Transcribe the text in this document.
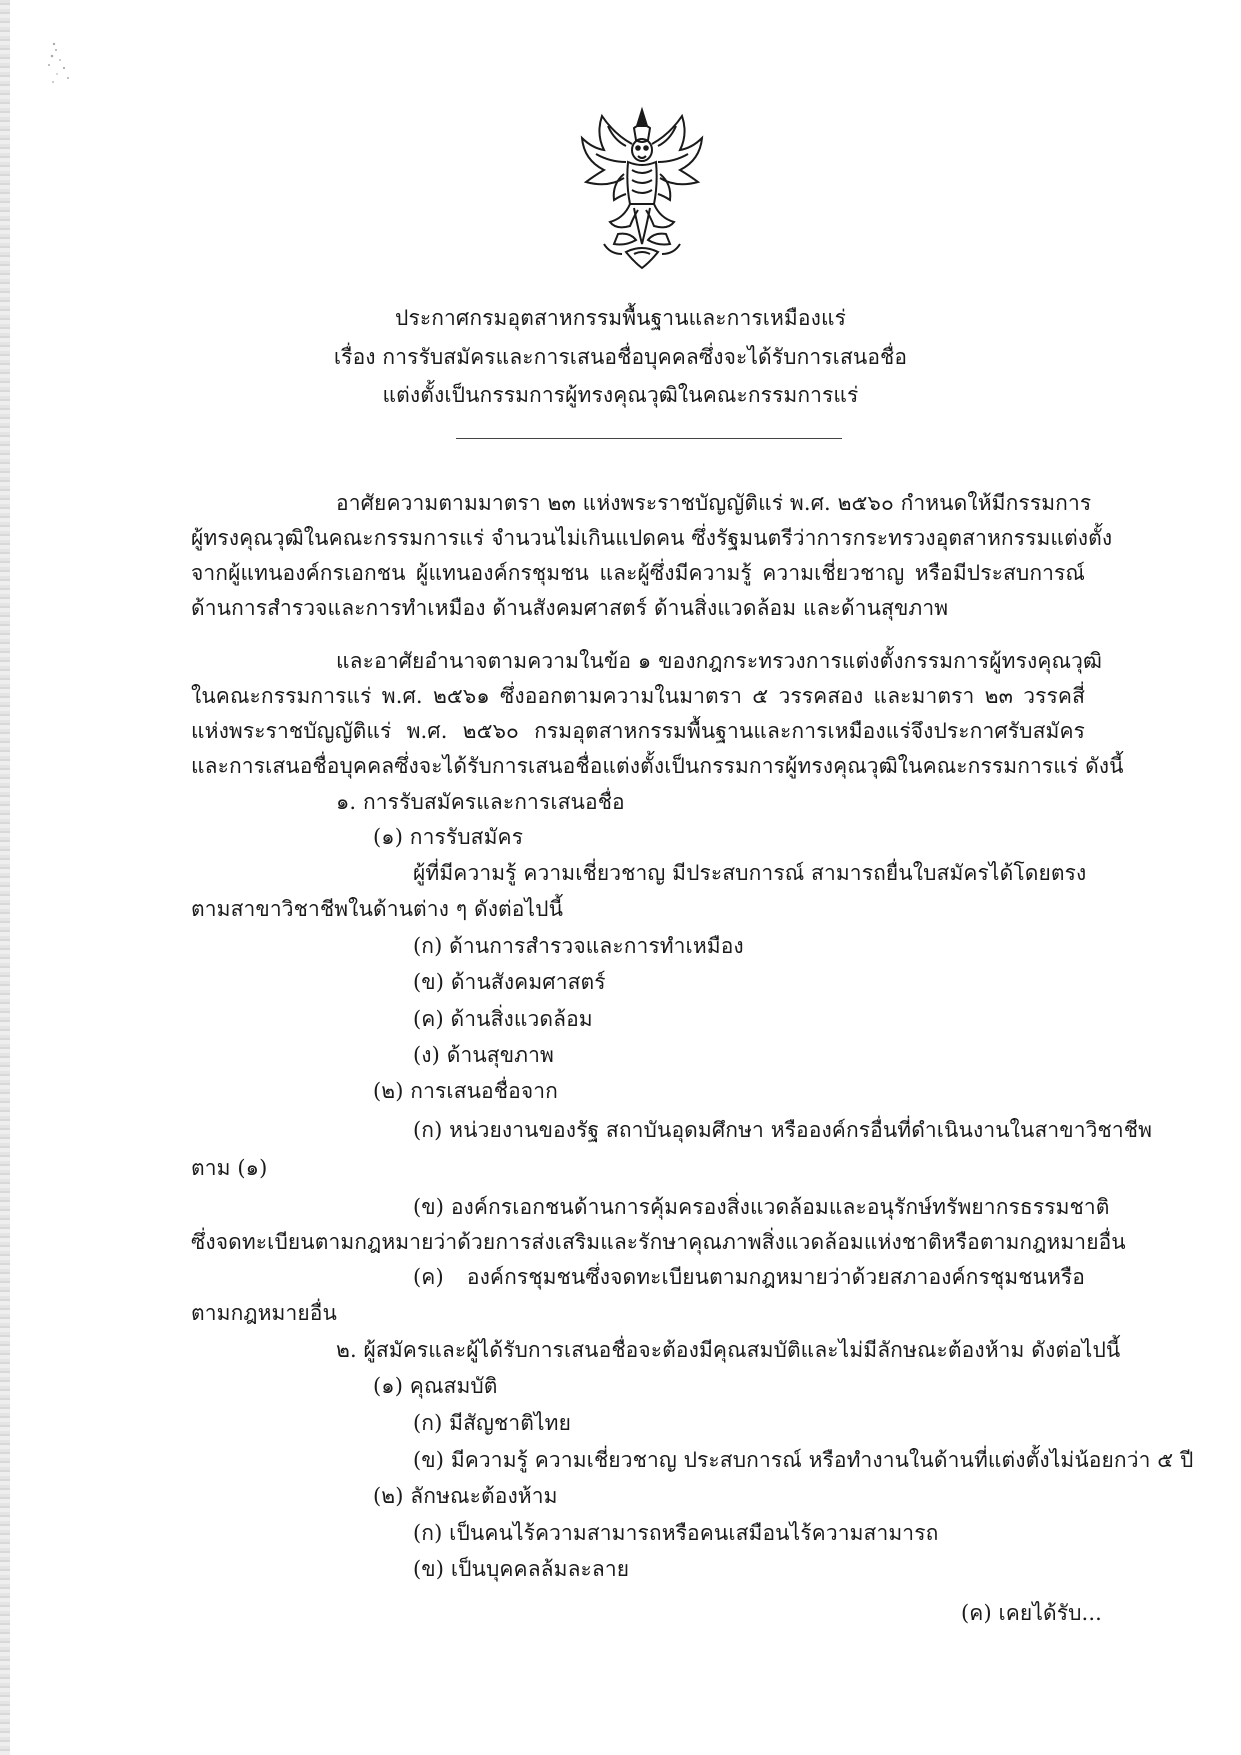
ประกาศกรมอุตสาหกรรมพื้นฐานและการเหมืองแร่
เรื่อง การรับสมัครและการเสนอชื่อบุคคลซึ่งจะได้รับการเสนอชื่อ
แต่งตั้งเป็นกรรมการผู้ทรงคุณวุฒิในคณะกรรมการแร่
อาศัยความตามมาตรา ๒๓ แห่งพระราชบัญญัติแร่ พ.ศ. ๒๕๖๐ กำหนดให้มีกรรมการ
ผู้ทรงคุณวุฒิในคณะกรรมการแร่ จำนวนไม่เกินแปดคน ซึ่งรัฐมนตรีว่าการกระทรวงอุตสาหกรรมแต่งตั้ง
จากผู้แทนองค์กรเอกชน ผู้แทนองค์กรชุมชน และผู้ซึ่งมีความรู้ ความเชี่ยวชาญ หรือมีประสบการณ์
ด้านการสำรวจและการทำเหมือง ด้านสังคมศาสตร์ ด้านสิ่งแวดล้อม และด้านสุขภาพ
และอาศัยอำนาจตามความในข้อ ๑ ของกฎกระทรวงการแต่งตั้งกรรมการผู้ทรงคุณวุฒิ
ในคณะกรรมการแร่ พ.ศ. ๒๕๖๑ ซึ่งออกตามความในมาตรา ๕ วรรคสอง และมาตรา ๒๓ วรรคสี่
แห่งพระราชบัญญัติแร่ พ.ศ. ๒๕๖๐ กรมอุตสาหกรรมพื้นฐานและการเหมืองแร่จึงประกาศรับสมัคร
และการเสนอชื่อบุคคลซึ่งจะได้รับการเสนอชื่อแต่งตั้งเป็นกรรมการผู้ทรงคุณวุฒิในคณะกรรมการแร่ ดังนี้
๑. การรับสมัครและการเสนอชื่อ
(๑) การรับสมัคร
ผู้ที่มีความรู้ ความเชี่ยวชาญ มีประสบการณ์ สามารถยื่นใบสมัครได้โดยตรง
ตามสาขาวิชาชีพในด้านต่าง ๆ ดังต่อไปนี้
(ก) ด้านการสำรวจและการทำเหมือง
(ข) ด้านสังคมศาสตร์
(ค) ด้านสิ่งแวดล้อม
(ง) ด้านสุขภาพ
(๒) การเสนอชื่อจาก
(ก) หน่วยงานของรัฐ สถาบันอุดมศึกษา หรือองค์กรอื่นที่ดำเนินงานในสาขาวิชาชีพ
ตาม (๑)
(ข) องค์กรเอกชนด้านการคุ้มครองสิ่งแวดล้อมและอนุรักษ์ทรัพยากรธรรมชาติ
ซึ่งจดทะเบียนตามกฎหมายว่าด้วยการส่งเสริมและรักษาคุณภาพสิ่งแวดล้อมแห่งชาติหรือตามกฎหมายอื่น
(ค) องค์กรชุมชนซึ่งจดทะเบียนตามกฎหมายว่าด้วยสภาองค์กรชุมชนหรือ
ตามกฎหมายอื่น
๒. ผู้สมัครและผู้ได้รับการเสนอชื่อจะต้องมีคุณสมบัติและไม่มีลักษณะต้องห้าม ดังต่อไปนี้
(๑) คุณสมบัติ
(ก) มีสัญชาติไทย
(ข) มีความรู้ ความเชี่ยวชาญ ประสบการณ์ หรือทำงานในด้านที่แต่งตั้งไม่น้อยกว่า ๕ ปี
(๒) ลักษณะต้องห้าม
(ก) เป็นคนไร้ความสามารถหรือคนเสมือนไร้ความสามารถ
(ข) เป็นบุคคลล้มละลาย
(ค) เคยได้รับ...
